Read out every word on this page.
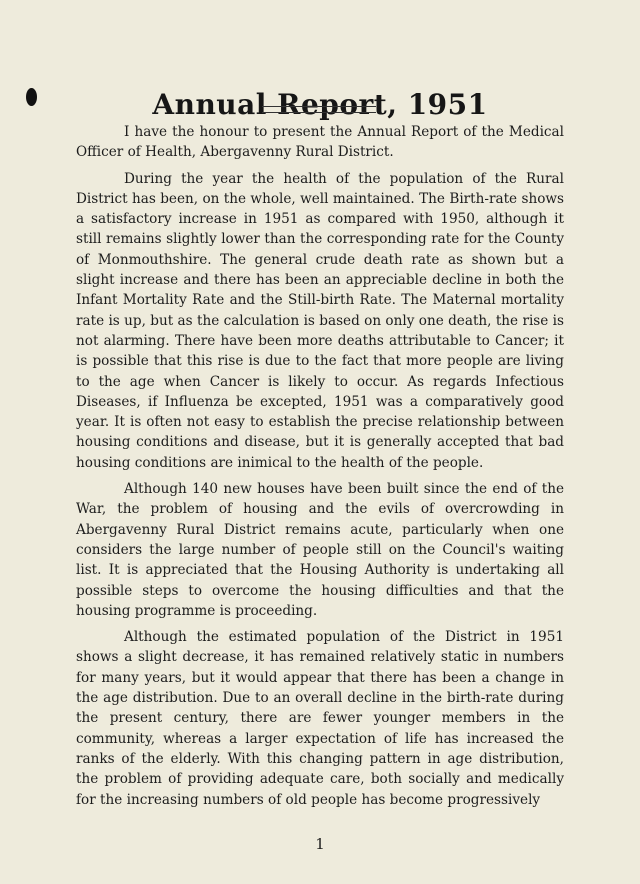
Annual Report, 1951

I have the honour to present the Annual Report of the Medical Officer of Health, Abergavenny Rural District.

During the year the health of the population of the Rural District has been, on the whole, well maintained. The Birth-rate shows a satisfactory increase in 1951 as compared with 1950, although it still remains slightly lower than the corresponding rate for the County of Monmouthshire. The general crude death rate as shown but a slight increase and there has been an appreciable decline in both the Infant Mortality Rate and the Still-birth Rate. The Maternal mortality rate is up, but as the calculation is based on only one death, the rise is not alarming. There have been more deaths attributable to Cancer; it is possible that this rise is due to the fact that more people are living to the age when Cancer is likely to occur. As regards Infectious Diseases, if Influenza be excepted, 1951 was a comparatively good year. It is often not easy to establish the precise relationship between housing conditions and disease, but it is generally accepted that bad housing conditions are inimical to the health of the people.

Although 140 new houses have been built since the end of the War, the problem of housing and the evils of overcrowding in Abergavenny Rural District remains acute, particularly when one considers the large number of people still on the Council's waiting list. It is appreciated that the Housing Authority is undertaking all possible steps to overcome the housing difficulties and that the housing programme is proceeding.

Although the estimated population of the District in 1951 shows a slight decrease, it has remained relatively static in numbers for many years, but it would appear that there has been a change in the age distribution. Due to an overall decline in the birth-rate during the present century, there are fewer younger members in the community, whereas a larger expectation of life has increased the ranks of the elderly. With this changing pattern in age distribution, the problem of providing adequate care, both socially and medically for the increasing numbers of old people has become progressively

1
